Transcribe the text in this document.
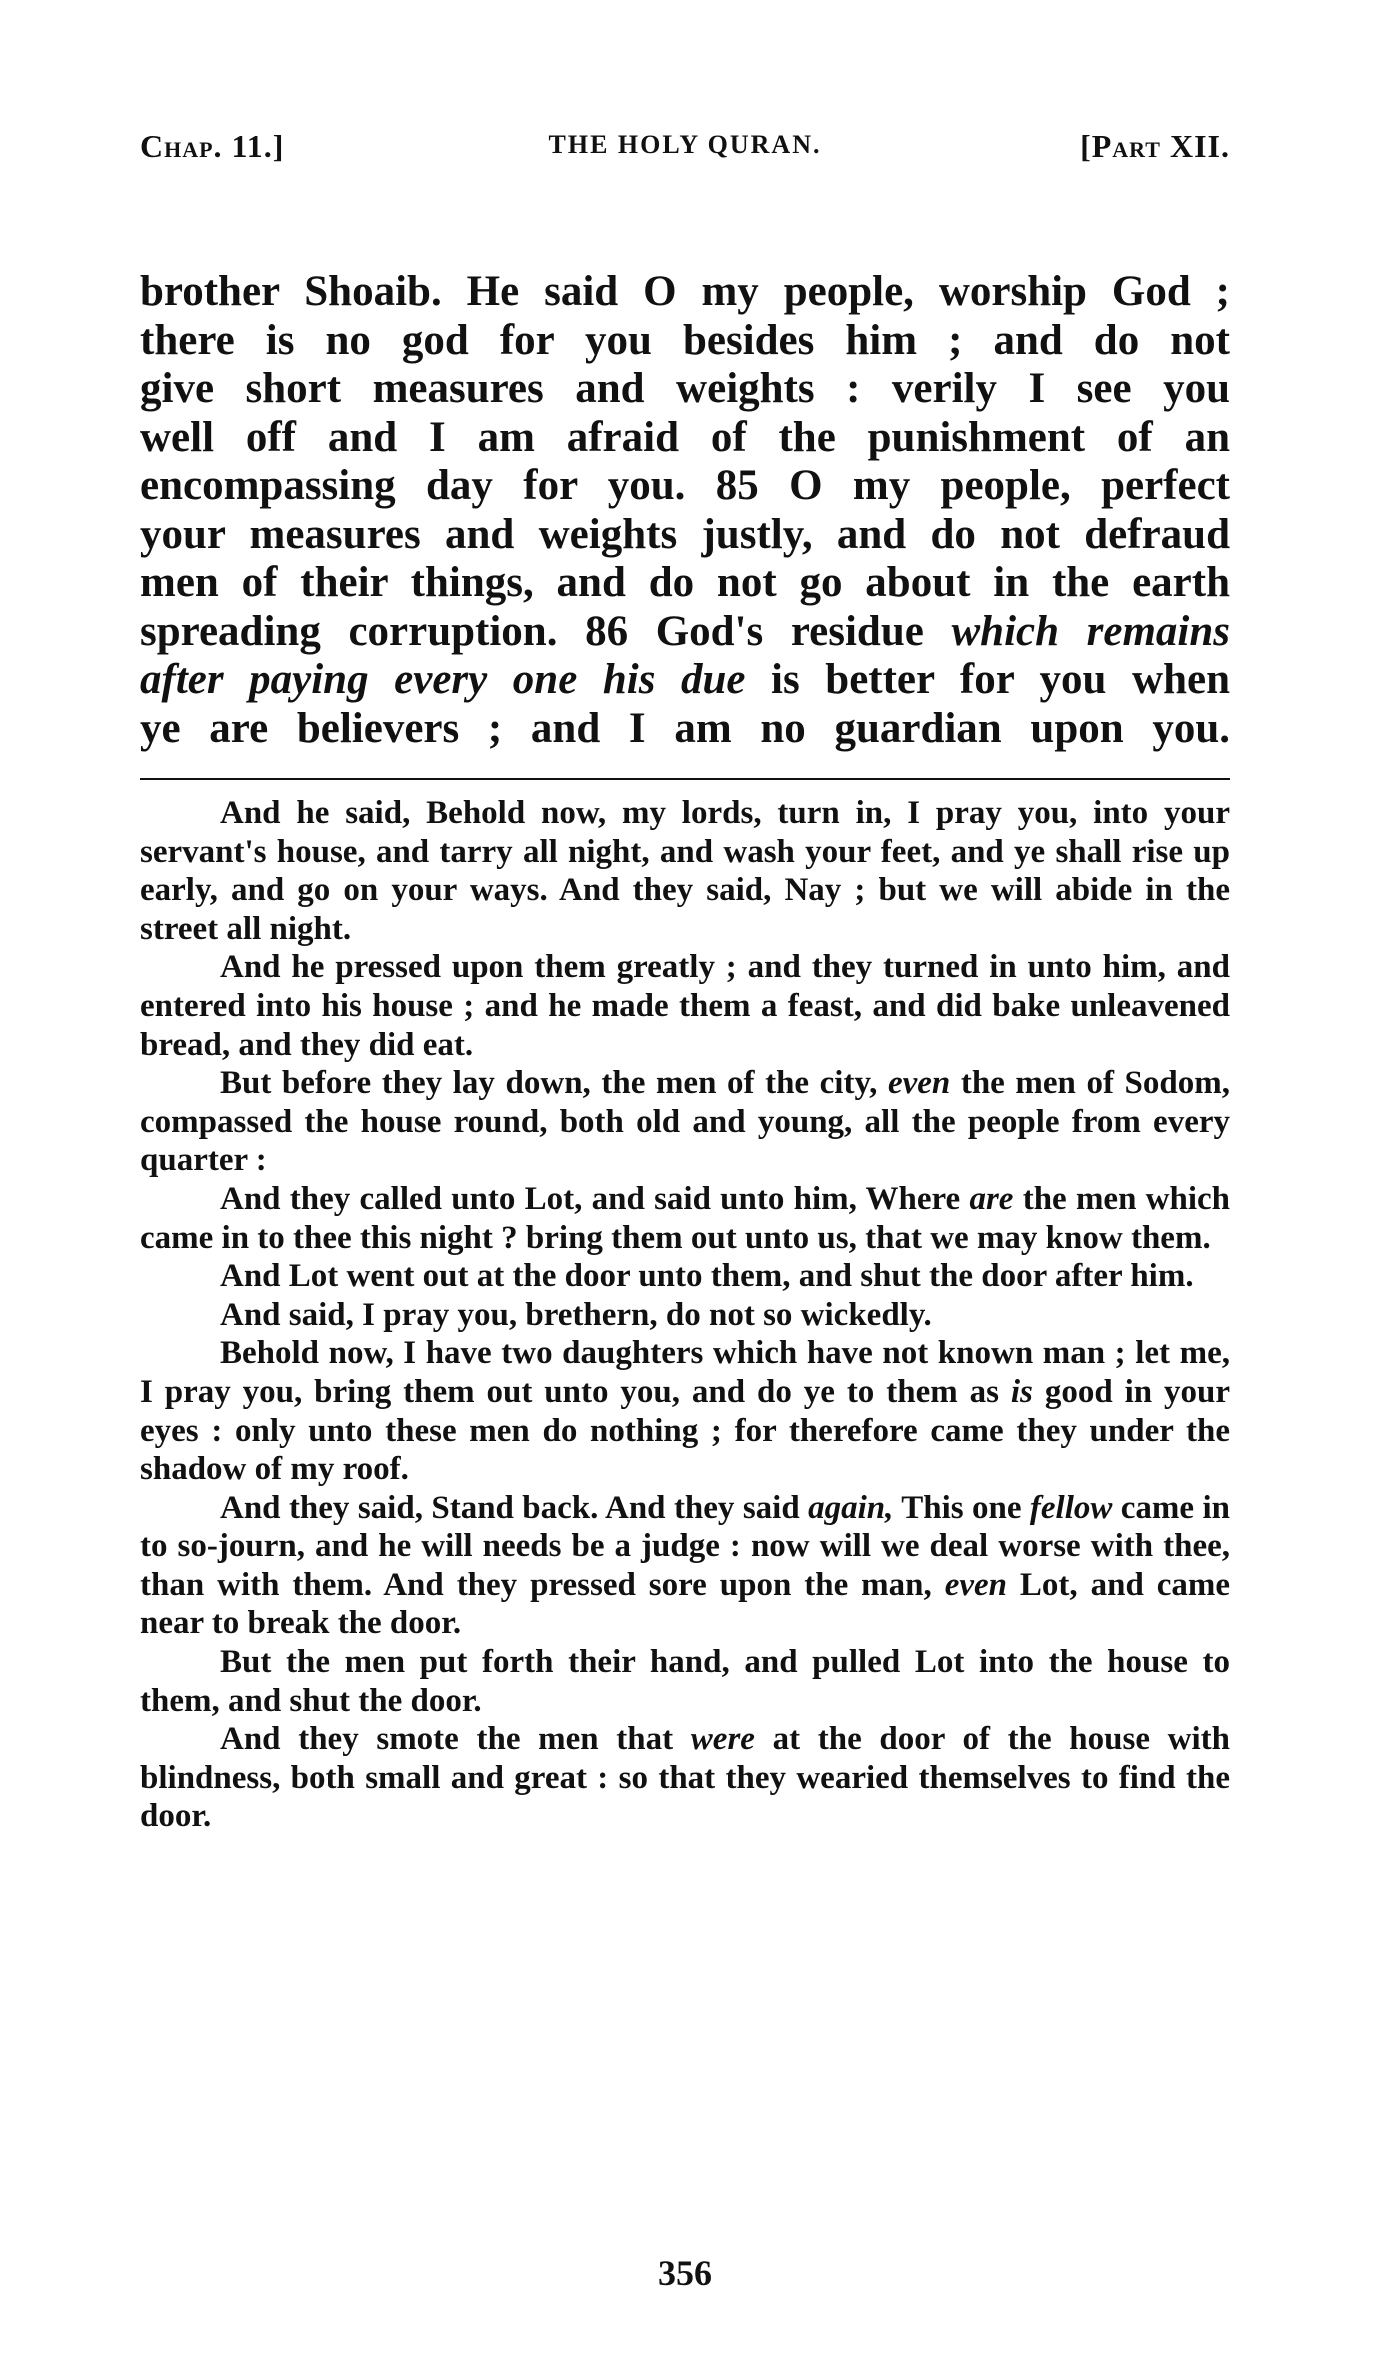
Chap. 11.]	THE HOLY QURAN.	[Part XII.

brother Shoaib. He said O my people, worship God ;

there is no god for you besides him ; and do not

give short measures and weights : verily I see you

well off and I am afraid of the punishment of an

encompassing day for you. 85 O my people, perfect

your measures and weights justly, and do not defraud

men of their things, and do not go about in the earth

spreading corruption. 86 God's residue which remains

after paying every one his due is better for you when

ye are believers ; and I am no guardian upon you.

And he said, Behold now, my lords, turn in, I pray you, into your servant's house, and tarry all night, and wash your feet, and ye shall rise up early, and go on your ways. And they said, Nay ; but we will abide in the street all night.

And he pressed upon them greatly ; and they turned in unto him, and entered into his house ; and he made them a feast, and did bake unleavened bread, and they did eat.

But before they lay down, the men of the city, even the men of Sodom, compassed the house round, both old and young, all the people from every quarter :

And they called unto Lot, and said unto him, Where are the men which came in to thee this night ? bring them out unto us, that we may know them.

And Lot went out at the door unto them, and shut the door after him.

And said, I pray you, brethern, do not so wickedly.

Behold now, I have two daughters which have not known man ; let me, I pray you, bring them out unto you, and do ye to them as is good in your eyes : only unto these men do nothing ; for therefore came they under the shadow of my roof.

And they said, Stand back. And they said again, This one fellow came in to so-journ, and he will needs be a judge : now will we deal worse with thee, than with them. And they pressed sore upon the man, even Lot, and came near to break the door.

But the men put forth their hand, and pulled Lot into the house to them, and shut the door.

And they smote the men that were at the door of the house with blindness, both small and great : so that they wearied themselves to find the door.

356
